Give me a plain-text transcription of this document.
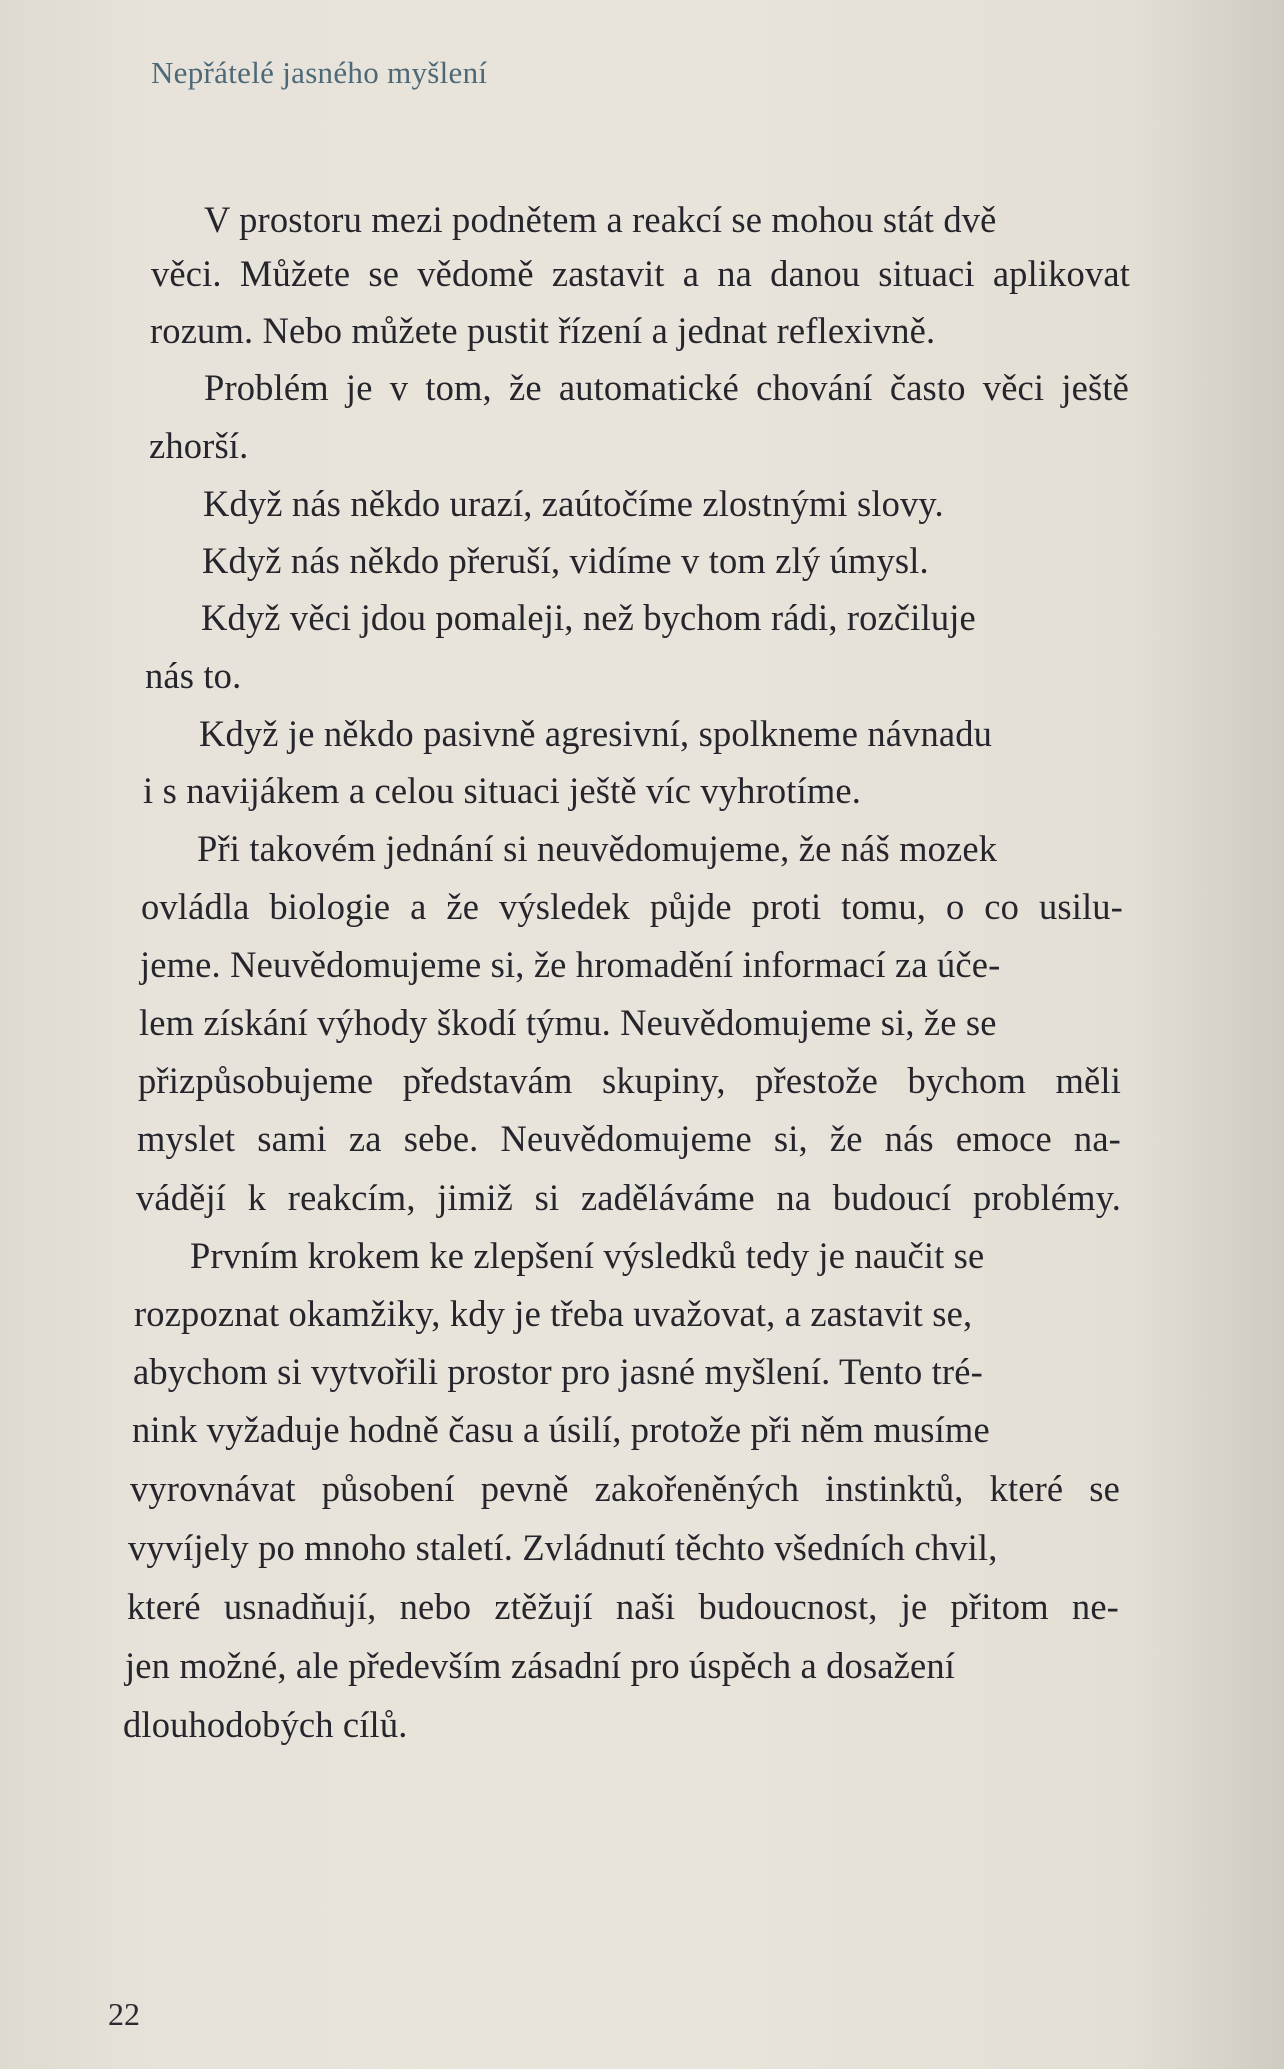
Nepřátelé jasného myšlení
V prostoru mezi podnětem a reakcí se mohou stát dvě
věci. Můžete se vědomě zastavit a na danou situaci aplikovat
rozum. Nebo můžete pustit řízení a jednat reflexivně.
Problém je v tom, že automatické chování často věci ještě
zhorší.
Když nás někdo urazí, zaútočíme zlostnými slovy.
Když nás někdo přeruší, vidíme v tom zlý úmysl.
Když věci jdou pomaleji, než bychom rádi, rozčiluje
nás to.
Když je někdo pasivně agresivní, spolkneme návnadu
i s navijákem a celou situaci ještě víc vyhrotíme.
Při takovém jednání si neuvědomujeme, že náš mozek
ovládla biologie a že výsledek půjde proti tomu, o co usilu-
jeme. Neuvědomujeme si, že hromadění informací za úče-
lem získání výhody škodí týmu. Neuvědomujeme si, že se
přizpůsobujeme představám skupiny, přestože bychom měli
myslet sami za sebe. Neuvědomujeme si, že nás emoce na-
vádějí k reakcím, jimiž si zaděláváme na budoucí problémy.
Prvním krokem ke zlepšení výsledků tedy je naučit se
rozpoznat okamžiky, kdy je třeba uvažovat, a zastavit se,
abychom si vytvořili prostor pro jasné myšlení. Tento tré-
nink vyžaduje hodně času a úsilí, protože při něm musíme
vyrovnávat působení pevně zakořeněných instinktů, které se
vyvíjely po mnoho staletí. Zvládnutí těchto všedních chvil,
které usnadňují, nebo ztěžují naši budoucnost, je přitom ne-
jen možné, ale především zásadní pro úspěch a dosažení
dlouhodobých cílů.
22
